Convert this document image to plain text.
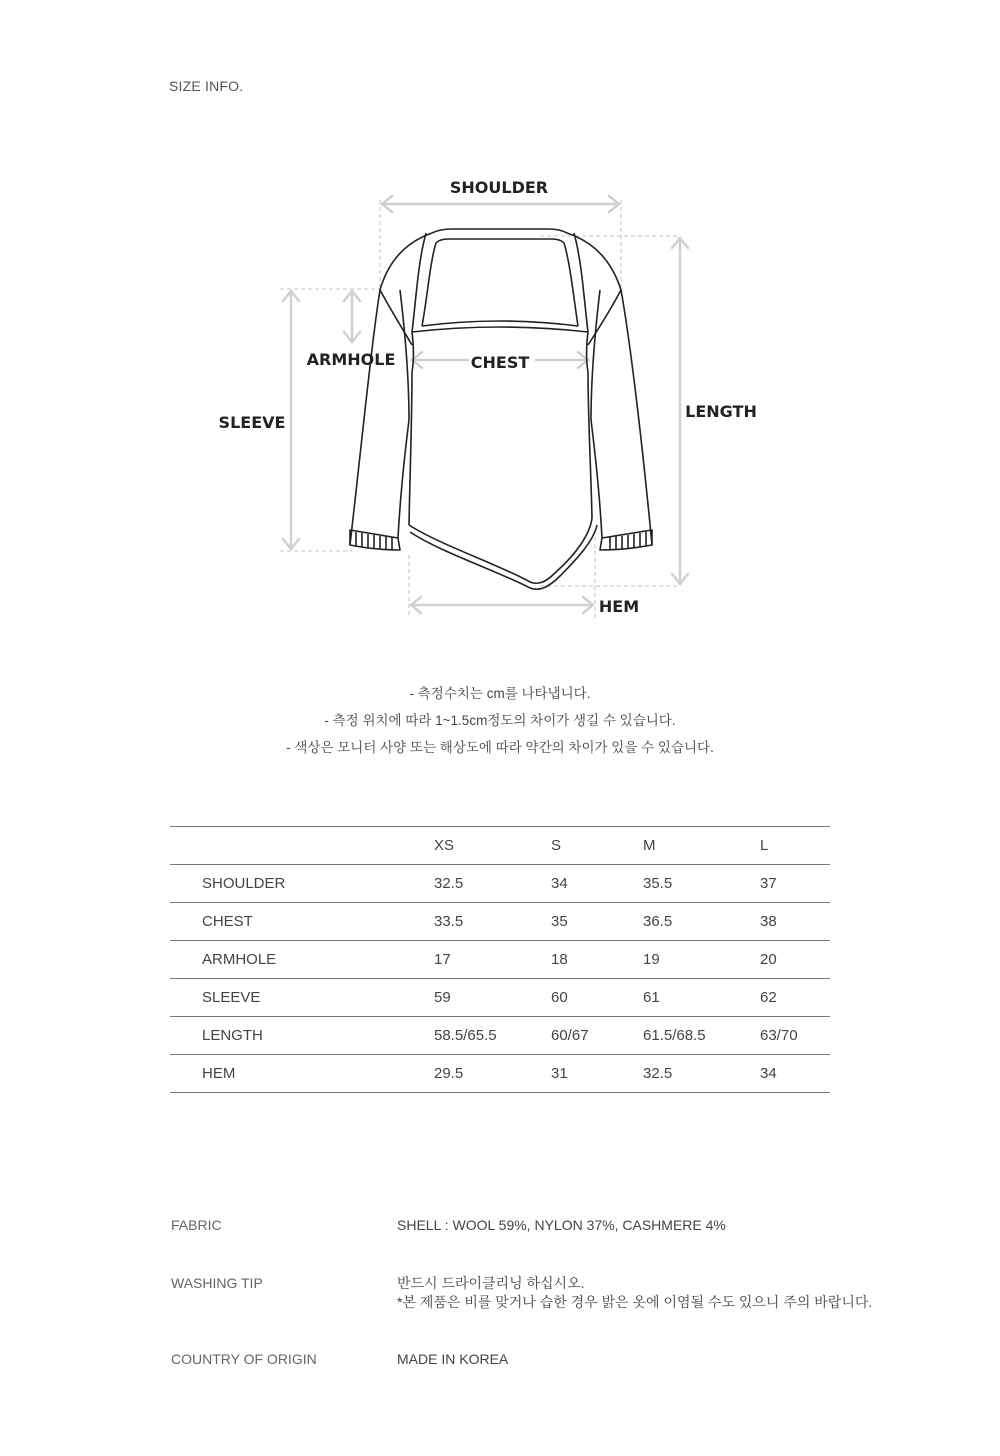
SIZE INFO.
SHOULDER
ARMHOLE	CHEST
SLEEVE
LENGTH
HEM
- 측정수치는 cm를 나타냅니다.
- 측정 위치에 따라 1~1.5cm정도의 차이가 생길 수 있습니다.
- 색상은 모니터 사양 또는 해상도에 따라 약간의 차이가 있을 수 있습니다.
	XS	S	M	L
SHOULDER	32.5	34	35.5	37
CHEST	33.5	35	36.5	38
ARMHOLE	17	18	19	20
SLEEVE	59	60	61	62
LENGTH	58.5/65.5	60/67	61.5/68.5	63/70
HEM	29.5	31	32.5	34
FABRIC	SHELL : WOOL 59%, NYLON 37%, CASHMERE 4%
WASHING TIP	반드시 드라이클리닝 하십시오.
*본 제품은 비를 맞거나 습한 경우 밝은 옷에 이염될 수도 있으니 주의 바랍니다.
COUNTRY OF ORIGIN	MADE IN KOREA
